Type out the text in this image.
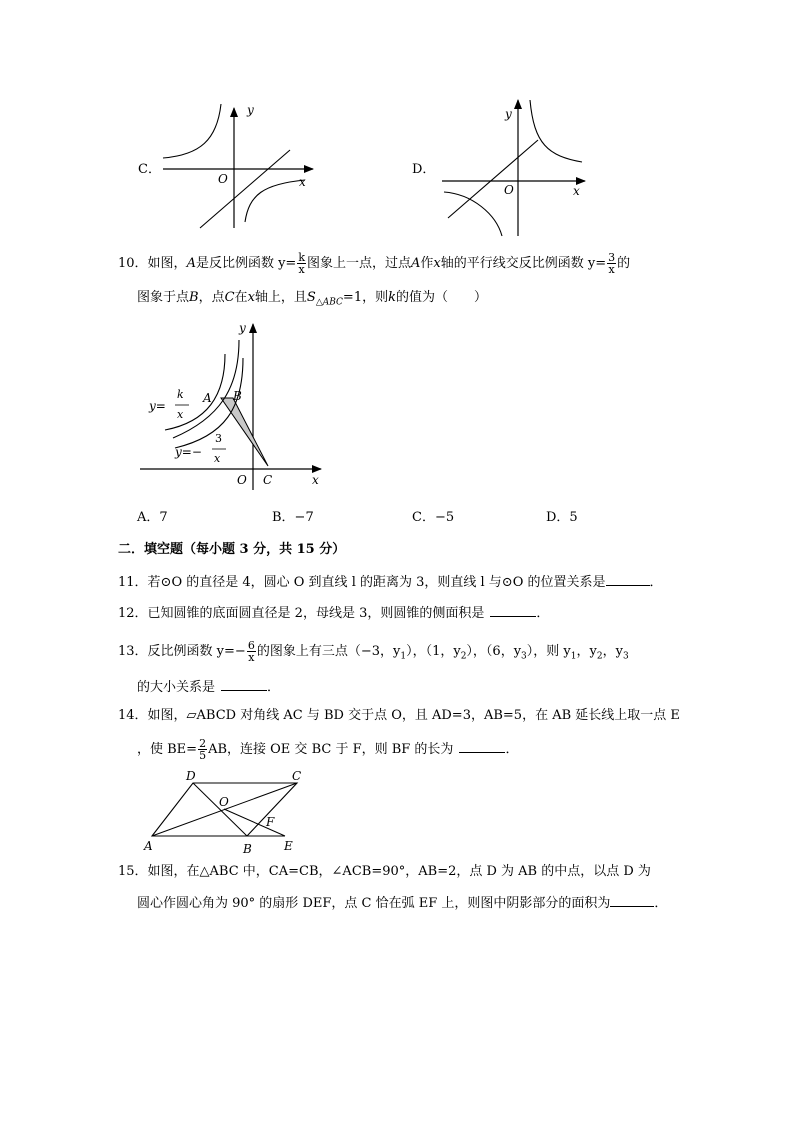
C．
y
x
O
D．
y
x
O
10．如图，A是反比例函数 $y= \frac{k}{x}$ 图象上一点，过点A作x轴的平行线交反比例函数 $y= \frac{3}{x}$ 的
图象于点B，点C在x轴上，且$S_{\triangle ABC}=1$，则k的值为（　　）
y
x
O C
A B
y=
k
x
y=−
3
x
A．7	B．−7	C．−5	D．5
二．填空题（每小题 3 分，共 15 分）
11．若⊙O 的直径是 4，圆心 O 到直线 l 的距离为 3，则直线 l 与⊙O 的位置关系是	．
12．已知圆锥的底面圆直径是 2，母线是 3，则圆锥的侧面积是	．
13．反比例函数 $y=- \frac{6}{x}$ 的图象上有三点（−3，$y_1$），（1，$y_2$），（6，$y_3$），则 $y_1$，$y_2$，$y_3$
的大小关系是	．
14．如图，▱ABCD 对角线 AC 与 BD 交于点 O，且 AD=3，AB=5，在 AB 延长线上取一点 E
，使 $BE= \frac{2}{5}$ AB，连接 OE 交 BC 于 F，则 BF 的长为	．
A	B
C
D
E
O
F
15．如图，在△ABC 中，CA=CB，∠ACB=90°，AB=2，点 D 为 AB 的中点，以点 D 为
圆心作圆心角为 90° 的扇形 DEF，点 C 恰在弧 EF 上，则图中阴影部分的面积为	．
